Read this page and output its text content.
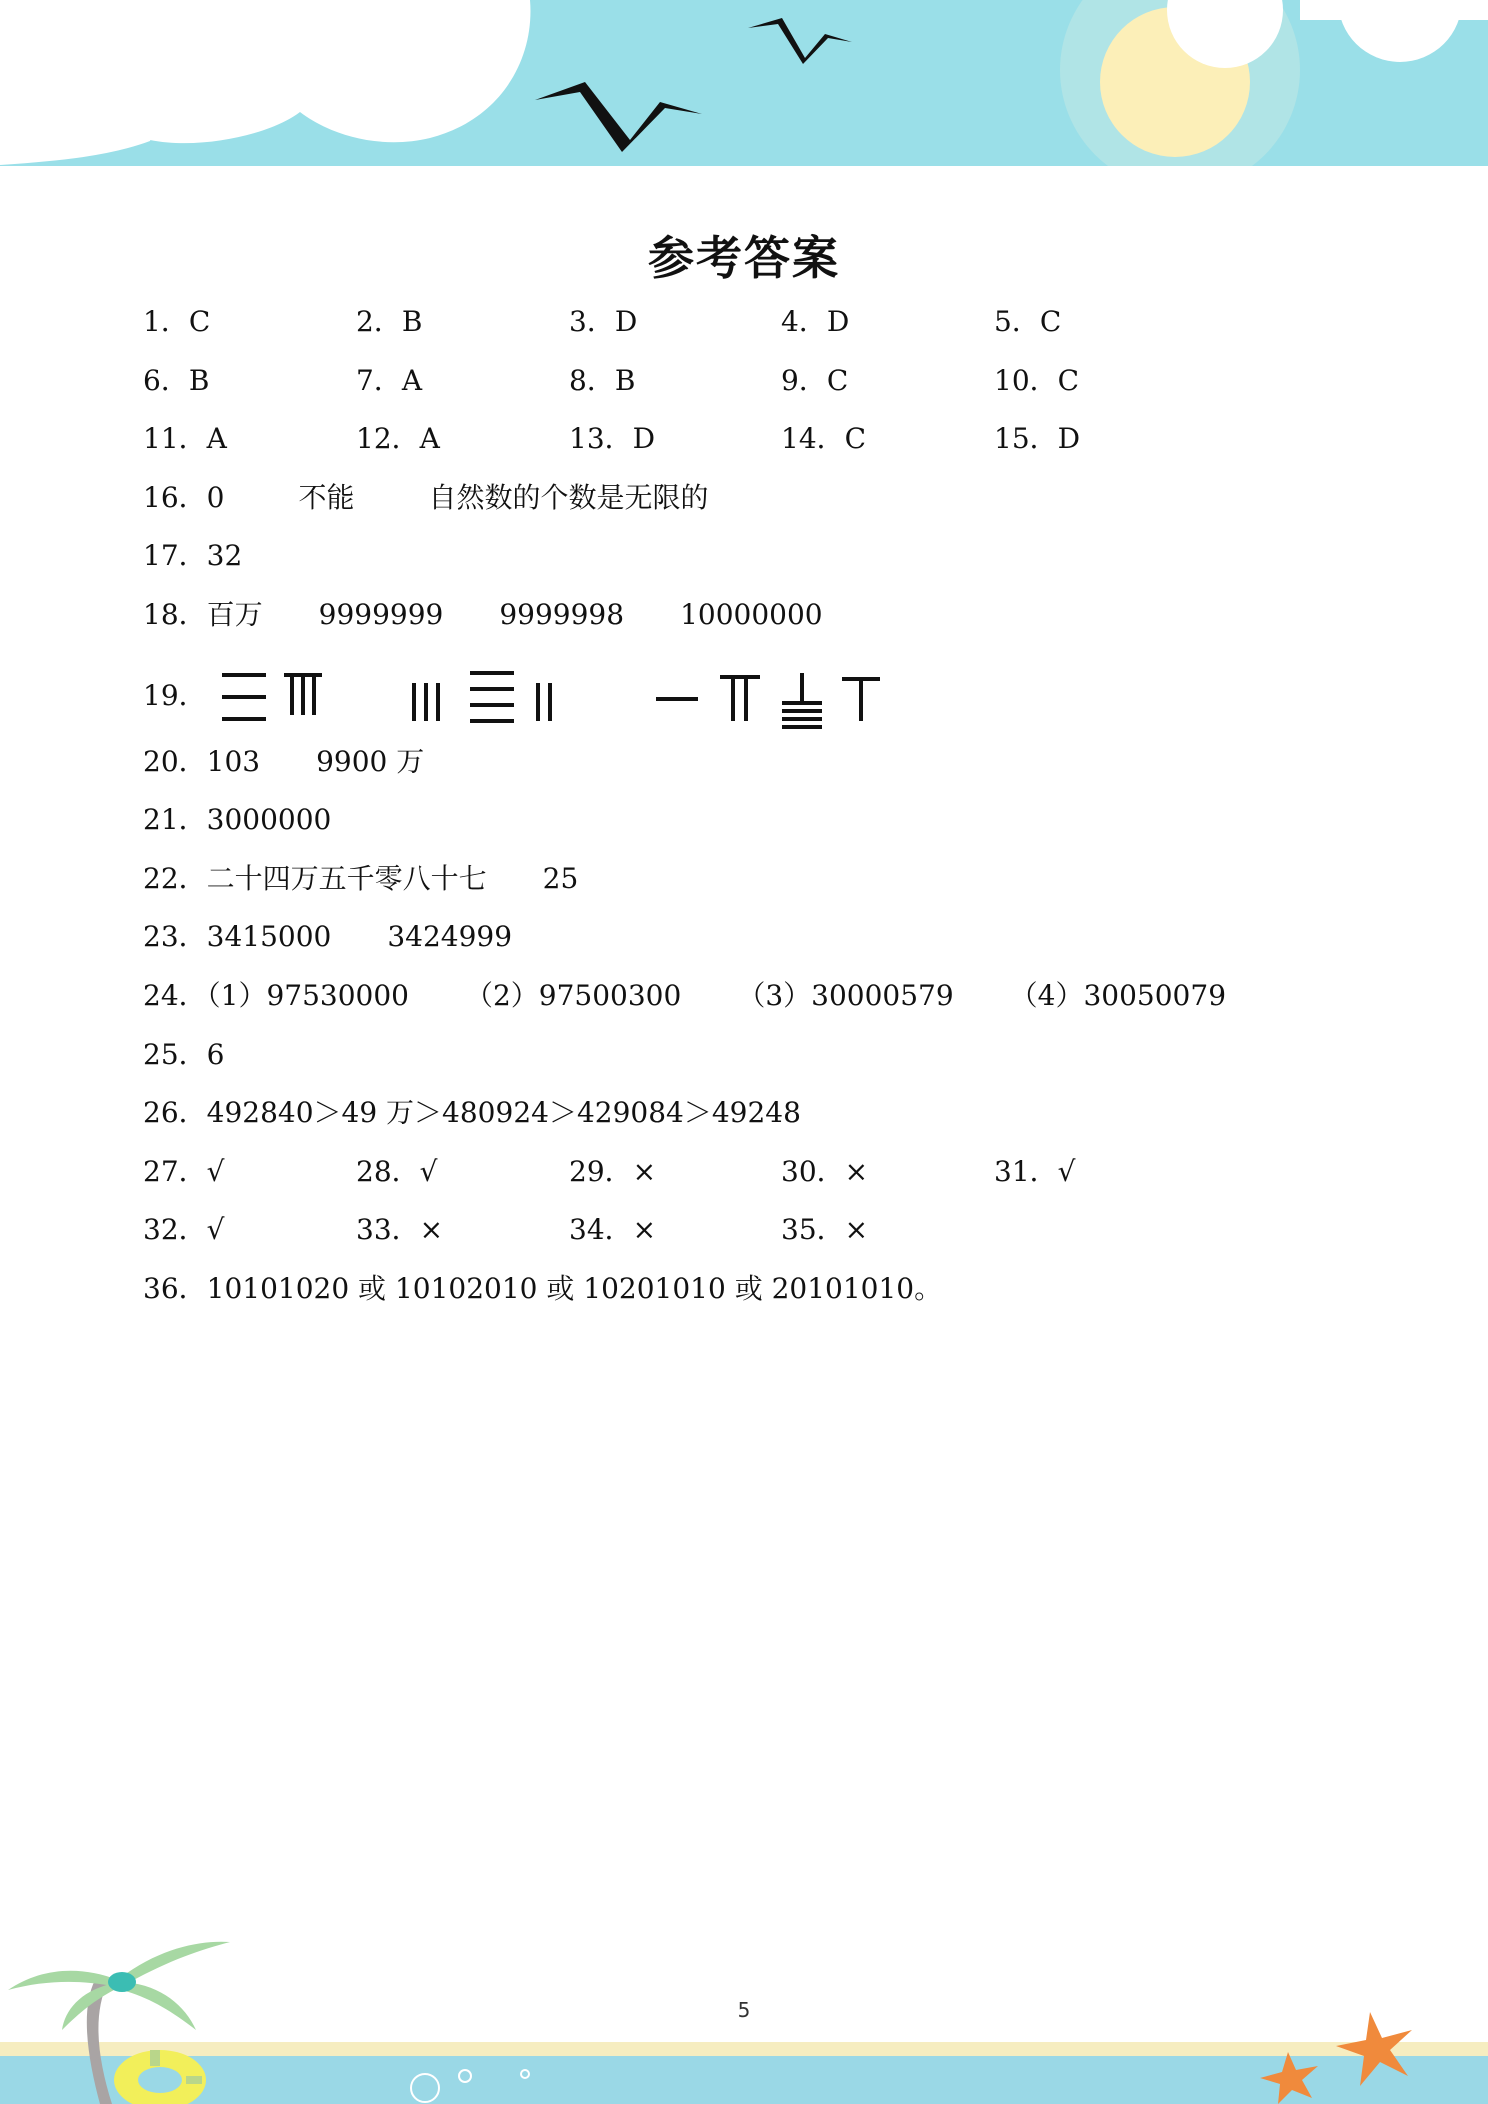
参考答案
1．C	2．B	3．D	4．D	5．C
6．B	7．A	8．B	9．C	10．C
11．A	12．A	13．D	14．C	15．D
16．0	不能	自然数的个数是无限的
17．32
18．百万 9999999 9999998 10000000
19．
20．103 9900 万
21．3000000
22．二十四万五千零八十七 25
23．3415000 3424999
24．（1）97530000 （2）97500300 （3）30000579 （4）30050079
25．6
26．492840＞49 万＞480924＞429084＞49248
27．√	28．√	29．×	30．×	31．√
32．√	33．×	34．×	35．×
36．10101020 或 10102010 或 10201010 或 20101010。
5
